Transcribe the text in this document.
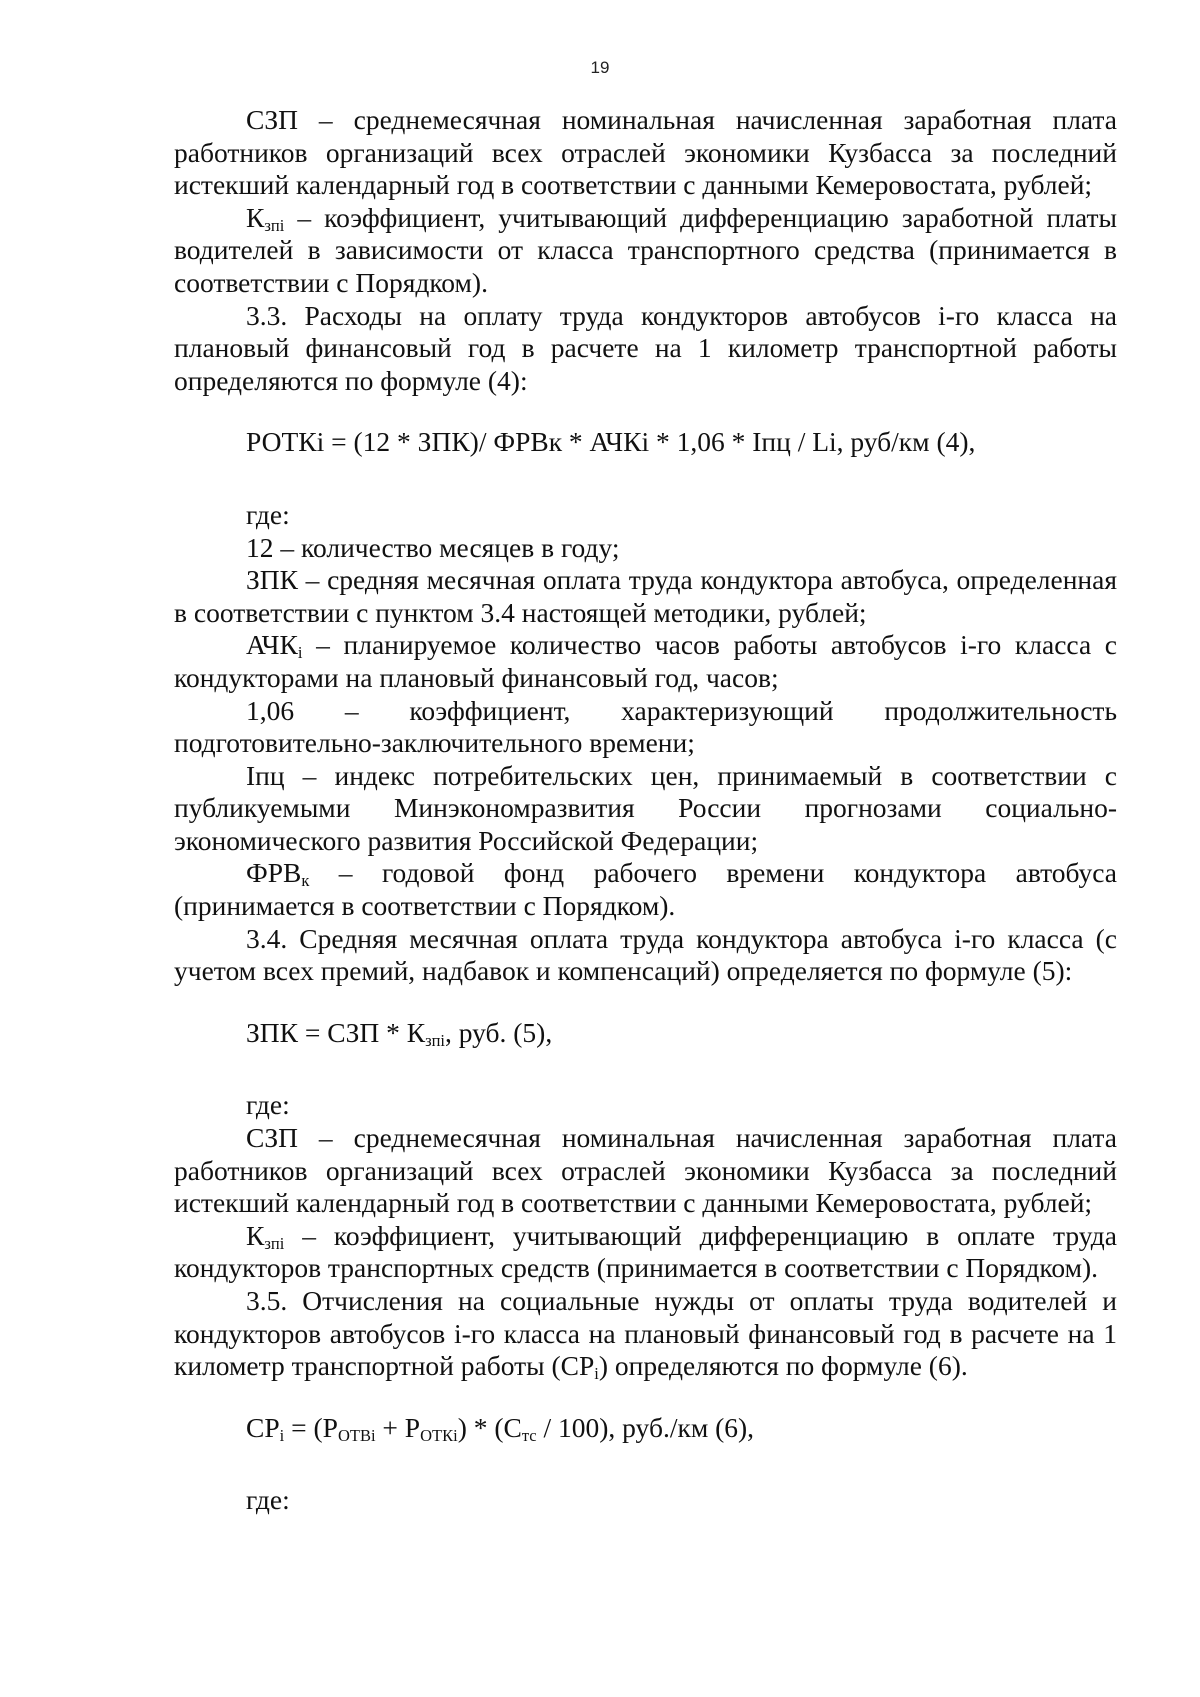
19

СЗП – среднемесячная номинальная начисленная заработная плата работников организаций всех отраслей экономики Кузбасса за последний истекший календарный год в соответствии с данными Кемеровостата, рублей;

$К_{зпi}$ – коэффициент, учитывающий дифференциацию заработной платы водителей в зависимости от класса транспортного средства (принимается в соответствии с Порядком).

3.3. Расходы на оплату труда кондукторов автобусов i-го класса на плановый финансовый год в расчете на 1 километр транспортной работы определяются по формуле (4):

РОТКi = (12 * ЗПК)/ ФРВк * АЧКi * 1,06 * Iпц / Li, руб/км (4),

где:

12 – количество месяцев в году;

ЗПК – средняя месячная оплата труда кондуктора автобуса, определенная в соответствии с пунктом 3.4 настоящей методики, рублей;

$АЧК_i$ – планируемое количество часов работы автобусов i-го класса с кондукторами на плановый финансовый год, часов;

1,06 – коэффициент, характеризующий продолжительность подготовительно-заключительного времени;

Iпц – индекс потребительских цен, принимаемый в соответствии с публикуемыми Минэкономразвития России прогнозами социально-экономического развития Российской Федерации;

$ФРВ_к$ – годовой фонд рабочего времени кондуктора автобуса (принимается в соответствии с Порядком).

3.4. Средняя месячная оплата труда кондуктора автобуса i-го класса (с учетом всех премий, надбавок и компенсаций) определяется по формуле (5):

ЗПК = СЗП * $К_{зпi}$, руб. (5),

где:

СЗП – среднемесячная номинальная начисленная заработная плата работников организаций всех отраслей экономики Кузбасса за последний истекший календарный год в соответствии с данными Кемеровостата, рублей;

$К_{зпi}$ – коэффициент, учитывающий дифференциацию в оплате труда кондукторов транспортных средств (принимается в соответствии с Порядком).

3.5. Отчисления на социальные нужды от оплаты труда водителей и кондукторов автобусов i-го класса на плановый финансовый год в расчете на 1 километр транспортной работы $(СР_i)$ определяются по формуле (6).

$СР_i = (Р_{ОТВi} + Р_{ОТКi}) * (С_{тс} / 100)$, руб./км (6),

где:
